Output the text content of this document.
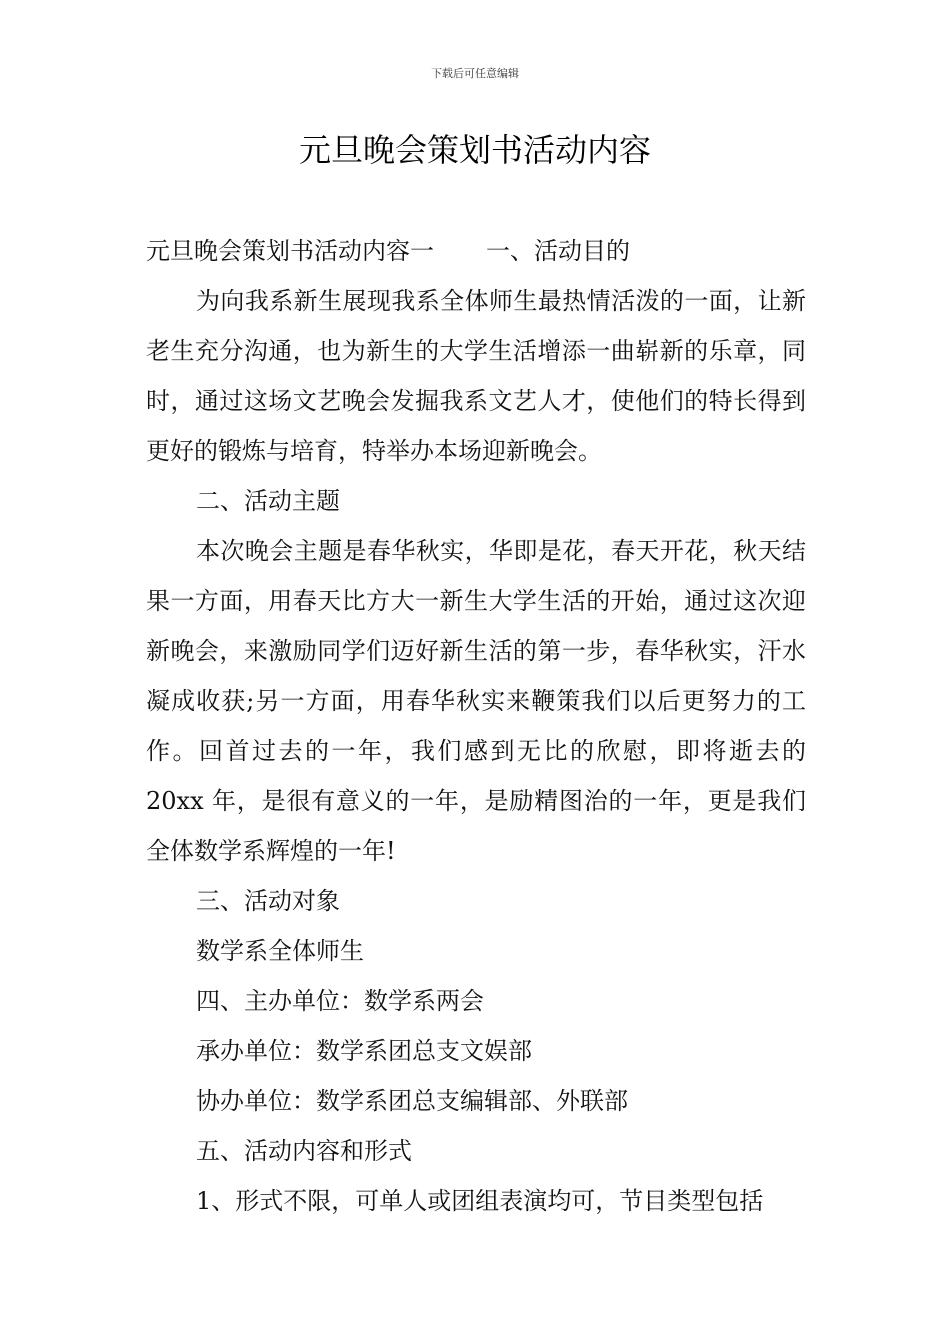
下载后可任意编辑
元旦晚会策划书活动内容

元旦晚会策划书活动内容一 一、活动目的

为向我系新生展现我系全体师生最热情活泼的一面，让新老生充分沟通，也为新生的大学生活增添一曲崭新的乐章，同时，通过这场文艺晚会发掘我系文艺人才，使他们的特长得到更好的锻炼与培育，特举办本场迎新晚会。

二、活动主题

本次晚会主题是春华秋实，华即是花，春天开花，秋天结果一方面，用春天比方大一新生大学生活的开始，通过这次迎新晚会，来激励同学们迈好新生活的第一步，春华秋实，汗水凝成收获;另一方面，用春华秋实来鞭策我们以后更努力的工作。回首过去的一年，我们感到无比的欣慰，即将逝去的 20xx 年，是很有意义的一年，是励精图治的一年，更是我们全体数学系辉煌的一年!

三、活动对象

数学系全体师生

四、主办单位：数学系两会

承办单位：数学系团总支文娱部

协办单位：数学系团总支编辑部、外联部

五、活动内容和形式

1、形式不限，可单人或团组表演均可，节目类型包括
